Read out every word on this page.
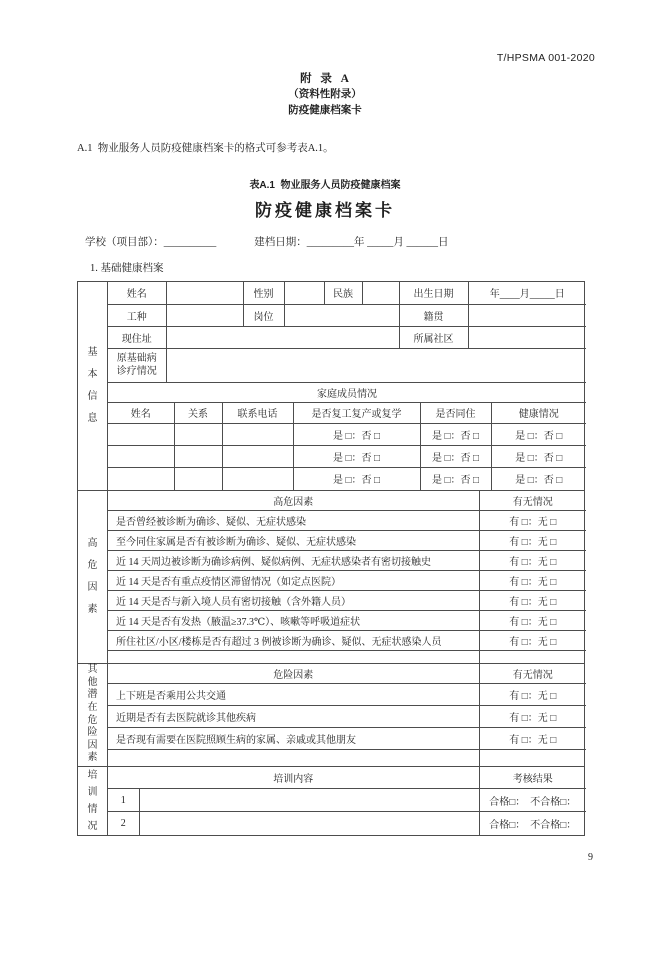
T/HPSMA 001-2020
附  录  A
（资料性附录）
防疫健康档案卡
A.1  物业服务人员防疫健康档案卡的格式可参考表A.1。
表A.1  物业服务人员防疫健康档案
防疫健康档案卡
学校（项目部）：__________	建档日期：_________年 _____月 ______日
1. 基础健康档案
基本信息
姓名		性别		民族		出生日期	年____月_____日
工种		岗位				籍贯	
现住址						所属社区	

原基础病
诊疗情况							

家庭成员情况							
姓名	关系	联系电话	是否复工复产或复学	是否同住	健康情况
			是 □：否 □	是 □：否 □	是 □：否 □
			是 □：否 □	是 □：否 □	是 □：否 □
			是 □：否 □	是 □：否 □	是 □：否 □
高危因素
高危因素	有无情况
是否曾经被诊断为确诊、疑似、无症状感染	有 □：无 □
至今同住家属是否有被诊断为确诊、疑似、无症状感染	有 □：无 □
近 14 天周边被诊断为确诊病例、疑似病例、无症状感染者有密切接触史	有 □：无 □
近 14 天是否有重点疫情区滞留情况（如定点医院）	有 □：无 □
近 14 天是否与新入境人员有密切接触（含外籍人员）	有 □：无 □
近 14 天是否有发热（腋温≥37.3℃）、咳嗽等呼吸道症状	有 □：无 □
所住社区/小区/楼栋是否有超过 3 例被诊断为确诊、疑似、无症状感染人员	有 □：无 □

其他潜在危险因素
危险因素	有无情况
上下班是否乘用公共交通	有 □：无 □
近期是否有去医院就诊其他疾病	有 □：无 □
是否现有需要在医院照顾生病的家属、亲戚或其他朋友	有 □：无 □

培训情况
培训内容		考核结果
1		合格□：  不合格□：
2		合格□：  不合格□：
9
